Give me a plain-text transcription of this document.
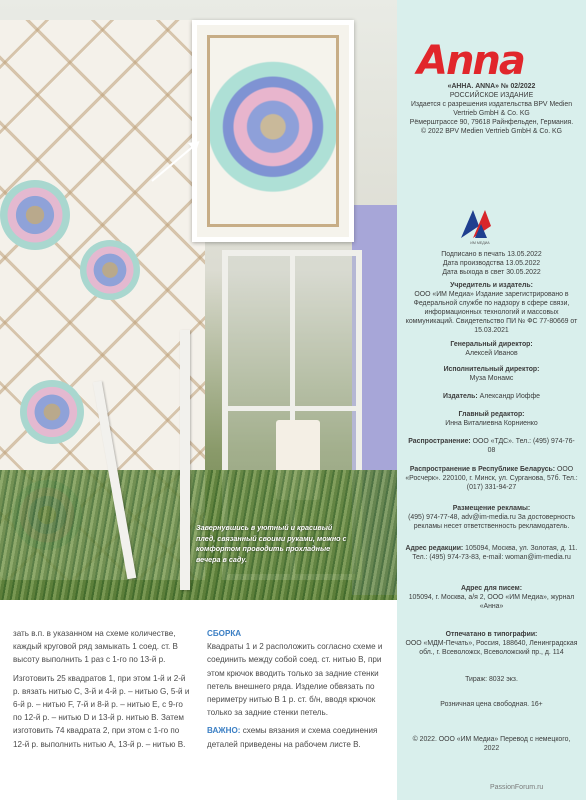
Завернувшись в уютный и красивый плед, связанный своими руками, можно с комфортом проводить прохладные вечера в саду.
Anna
«АННА. ANNA» № 02/2022
РОССИЙСКОЕ ИЗДАНИЕ
Издается с разрешения издательства BPV Medien Vertrieb GmbH & Co. KG
Рёмерштрассе 90, 79618 Райнфельден, Германия.
© 2022 BPV Medien Vertrieb GmbH & Co. KG
ИМ МЕДИА
Подписано в печать 13.05.2022
Дата производства 13.05.2022
Дата выхода в свет 30.05.2022
Учредитель и издатель:
ООО «ИМ Медиа» Издание зарегистрировано в Федеральной службе по надзору в сфере связи, информационных технологий и массовых коммуникаций. Свидетельство ПИ № ФС 77-80669 от 15.03.2021
Генеральный директор:
Алексей Иванов
Исполнительный директор:
Муза Монамс
Издатель: Александр Иоффе
Главный редактор:
Инна Виталиевна Корниенко
Распространение: ООО «ТДС». Тел.: (495) 974-76-08
Распространение в Республике Беларусь: ООО «Росчерк». 220100, г. Минск, ул. Сурганова, 57б. Тел.: (017) 331-94-27
Размещение рекламы:
(495) 974-77-48, adv@im-media.ru За достоверность рекламы несет ответственность рекламодатель.
Адрес редакции: 105094, Москва, ул. Золотая, д. 11. Тел.: (495) 974-73-83, e-mail: woman@im-media.ru
Адрес для писем:
105094, г. Москва, а/я 2, ООО «ИМ Медиа», журнал «Анна»
Отпечатано в типографии:
ООО «МДМ-Печать», Россия, 188640, Ленинградская обл., г. Всеволожск, Всеволожский пр., д. 114
Тираж: 8032 экз.
Розничная цена свободная. 16+
© 2022. ООО «ИМ Медиа» Перевод с немецкого, 2022

зать в.п. в указанном на схеме количестве, каждый круговой ряд замыкать 1 соед. ст. В высоту выполнить 1 раз с 1-го по 13-й р.

Изготовить 25 квадратов 1, при этом 1-й и 2-й р. вязать нитью C, 3-й и 4-й р. – нитью G, 5-й и 6-й р. – нитью F, 7-й и 8-й р. – нитью E, с 9-го по 12-й р. – нитью D и 13-й р. нитью B. Затем изготовить 74 квадрата 2, при этом с 1-го по 12-й р. выполнить нитью A, 13-й р. – нитью B.

СБОРКА

Квадраты 1 и 2 расположить согласно схеме и соединить между собой соед. ст. нитью B, при этом крючок вводить только за задние стенки петель внешнего ряда. Изделие обвязать по периметру нитью B 1 р. ст. б/н, вводя крючок только за задние стенки петель.

ВАЖНО: схемы вязания и схема соединения деталей приведены на рабочем листе B.

PassionForum.ru
